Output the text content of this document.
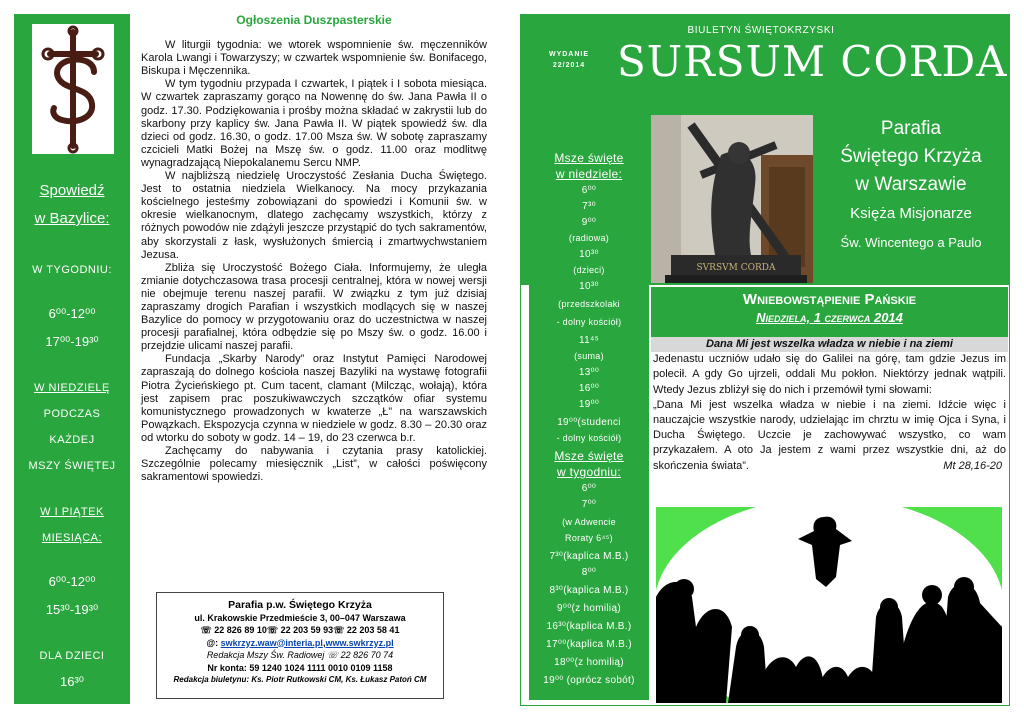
Spowiedź
w Bazylice:
W TYGODNIU:
6⁰⁰-12⁰⁰
17⁰⁰-19³⁰
W NIEDZIELĘ
PODCZAS
KAŻDEJ
MSZY ŚWIĘTEJ
W I PIĄTEK
MIESIĄCA:
6⁰⁰-12⁰⁰
15³⁰-19³⁰
DLA DZIECI
16³⁰
Ogłoszenia Duszpasterskie

W liturgii tygodnia: we wtorek wspomnienie św. męczenników Karola Lwangi i Towarzyszy; w czwartek wspomnienie św. Bonifacego, Biskupa i Męczennika.

W tym tygodniu przypada I czwartek, I piątek i I sobota miesiąca. W czwartek zapraszamy gorąco na Nowennę do św. Jana Pawła II o godz. 17.30. Podziękowania i prośby można składać w zakrystii lub do skarbony przy kaplicy św. Jana Pawła II. W piątek spowiedź św. dla dzieci od godz. 16.30, o godz. 17.00 Msza św. W sobotę zapraszamy czcicieli Matki Bożej na Mszę św. o godz. 11.00 oraz modlitwę wynagradzającą Niepokalanemu Sercu NMP.

W najbliższą niedzielę Uroczystość Zesłania Ducha Świętego. Jest to ostatnia niedziela Wielkanocy. Na mocy przykazania kościelnego jesteśmy zobowiązani do spowiedzi i Komunii św. w okresie wielkanocnym, dlatego zachęcamy wszystkich, którzy z różnych powodów nie zdążyli jeszcze przystąpić do tych sakramentów, aby skorzystali z łask, wysłużonych śmiercią i zmartwychwstaniem Jezusa.

Zbliża się Uroczystość Bożego Ciała. Informujemy, że uległa zmianie dotychczasowa trasa procesji centralnej, która w nowej wersji nie obejmuje terenu naszej parafii. W związku z tym już dzisiaj zapraszamy drogich Parafian i wszystkich modlących się w naszej Bazylice do pomocy w przygotowaniu oraz do uczestnictwa w naszej procesji parafialnej, która odbędzie się po Mszy św. o godz. 16.00 i przejdzie ulicami naszej parafii.

Fundacja „Skarby Narody” oraz Instytut Pamięci Narodowej zapraszają do dolnego kościoła naszej Bazyliki na wystawę fotografii Piotra Życieńskiego pt. Cum tacent, clamant (Milcząc, wołają), która jest zapisem prac poszukiwawczych szczątków ofiar systemu komunistycznego prowadzonych w kwaterze „Ł” na warszawskich Powązkach. Ekspozycja czynna w niedziele w godz. 8.30 – 20.30 oraz od wtorku do soboty w godz. 14 – 19, do 23 czerwca b.r.

Zachęcamy do nabywania i czytania prasy katolickiej. Szczególnie polecamy miesięcznik „List”, w całości poświęcony sakramentowi spowiedzi.

Parafia p.w. Świętego Krzyża
ul. Krakowskie Przedmieście 3, 00–047 Warszawa
☏ 22 826 89 10☏ 22 203 59 93☏ 22 203 58 41
@: swkrzyz.waw@interia.pl,www.swkrzyz.pl
Redakcja Mszy Św. Radiowej ☏ 22 826 70 74
Nr konta: 59 1240 1024 1111 0010 0109 1158
Redakcja biuletynu: Ks. Piotr Rutkowski CM, Ks. Łukasz Patoń CM
BIULETYN ŚWIĘTOKRZYSKI
WYDANIE
22/2014 SURSUM CORDA
Msze święte
w niedziele:
6⁰⁰
7³⁰
9⁰⁰
(radiowa)
10³⁰
(dzieci)
10³⁰
(przedszkolaki
- dolny kościół)
11⁴⁵
(suma)
13⁰⁰
16⁰⁰
19⁰⁰
19⁰⁰(studenci
- dolny kościół)
Msze święte
w tygodniu:
6⁰⁰
7⁰⁰
(w Adwencie
Roraty 6⁴⁵)
7³⁰(kaplica M.B.)
8⁰⁰
8³⁰(kaplica M.B.)
9⁰⁰(z homilią)
16³⁰(kaplica M.B.)
17⁰⁰(kaplica M.B.)
18⁰⁰(z homilią)
19⁰⁰ (oprócz sobót)
SVRSVM CORDA
Parafia
Świętego Krzyża
w Warszawie
Księża Misjonarze
Św. Wincentego a Paulo
Wniebowstąpienie Pańskie
Niedziela, 1 czerwca 2014
Dana Mi jest wszelka władza w niebie i na ziemi

Jedenastu uczniów udało się do Galilei na górę, tam gdzie Jezus im polecił. A gdy Go ujrzeli, oddali Mu pokłon. Niektórzy jednak wątpili. Wtedy Jezus zbliżył się do nich i przemówił tymi słowami:

„Dana Mi jest wszelka władza w niebie i na ziemi. Idźcie więc i nauczajcie wszystkie narody, udzielając im chrztu w imię Ojca i Syna, i Ducha Świętego. Uczcie je zachowywać wszystko, co wam przykazałem. A oto Ja jestem z wami przez wszystkie dni, aż do skończenia świata”.	Mt 28,16-20
